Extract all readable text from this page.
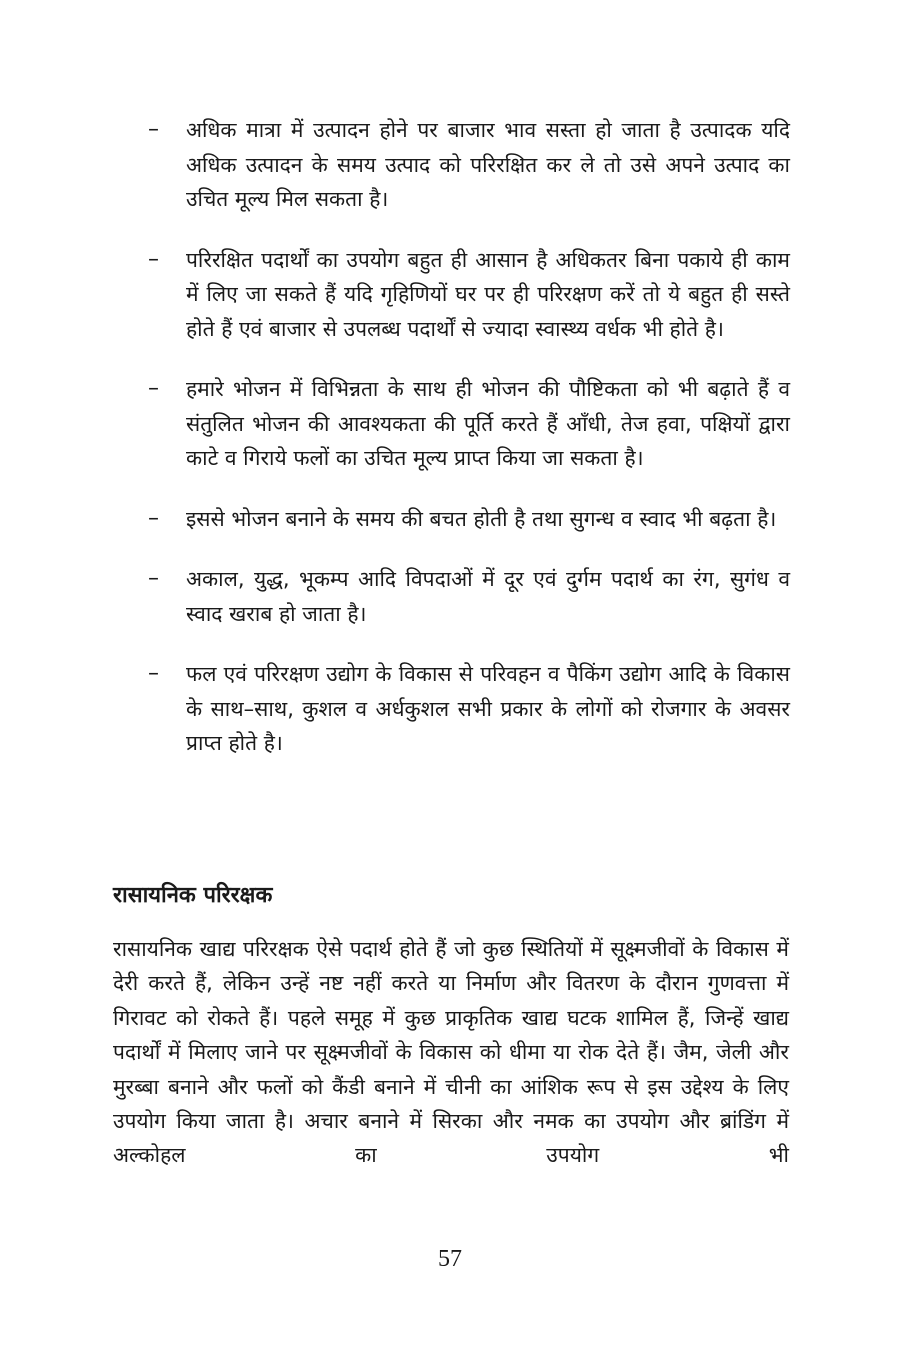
–	अधिक मात्रा में उत्पादन होने पर बाजार भाव सस्ता हो जाता है उत्पादक यदि अधिक उत्पादन के समय उत्पाद को परिरक्षित कर ले तो उसे अपने उत्पाद का उचित मूल्य मिल सकता है।
–	परिरक्षित पदार्थों का उपयोग बहुत ही आसान है अधिकतर बिना पकाये ही काम में लिए जा सकते हैं यदि गृहिणियों घर पर ही परिरक्षण करें तो ये बहुत ही सस्ते होते हैं एवं बाजार से उपलब्ध पदार्थों से ज्यादा स्वास्थ्य वर्धक भी होते है।
–	हमारे भोजन में विभिन्नता के साथ ही भोजन की पौष्टिकता को भी बढ़ाते हैं व संतुलित भोजन की आवश्यकता की पूर्ति करते हैं आँधी, तेज हवा, पक्षियों द्वारा काटे व गिराये फलों का उचित मूल्य प्राप्त किया जा सकता है।
–	इससे भोजन बनाने के समय की बचत होती है तथा सुगन्ध व स्वाद भी बढ़ता है।
–	अकाल, युद्ध, भूकम्प आदि विपदाओं में दूर एवं दुर्गम पदार्थ का रंग, सुगंध व स्वाद खराब हो जाता है।
–	फल एवं परिरक्षण उद्योग के विकास से परिवहन व पैकिंग उद्योग आदि के विकास के साथ–साथ, कुशल व अर्धकुशल सभी प्रकार के लोगों को रोजगार के अवसर प्राप्त होते है।
रासायनिक परिरक्षक

रासायनिक खाद्य परिरक्षक ऐसे पदार्थ होते हैं जो कुछ स्थितियों में सूक्ष्मजीवों के विकास में देरी करते हैं, लेकिन उन्हें नष्ट नहीं करते या निर्माण और वितरण के दौरान गुणवत्ता में गिरावट को रोकते हैं। पहले समूह में कुछ प्राकृतिक खाद्य घटक शामिल हैं, जिन्हें खाद्य पदार्थों में मिलाए जाने पर सूक्ष्मजीवों के विकास को धीमा या रोक देते हैं। जैम, जेली और मुरब्बा बनाने और फलों को कैंडी बनाने में चीनी का आंशिक रूप से इस उद्देश्य के लिए उपयोग किया जाता है। अचार बनाने में सिरका और नमक का उपयोग और ब्रांडिंग में अल्कोहल का उपयोग भी

57
